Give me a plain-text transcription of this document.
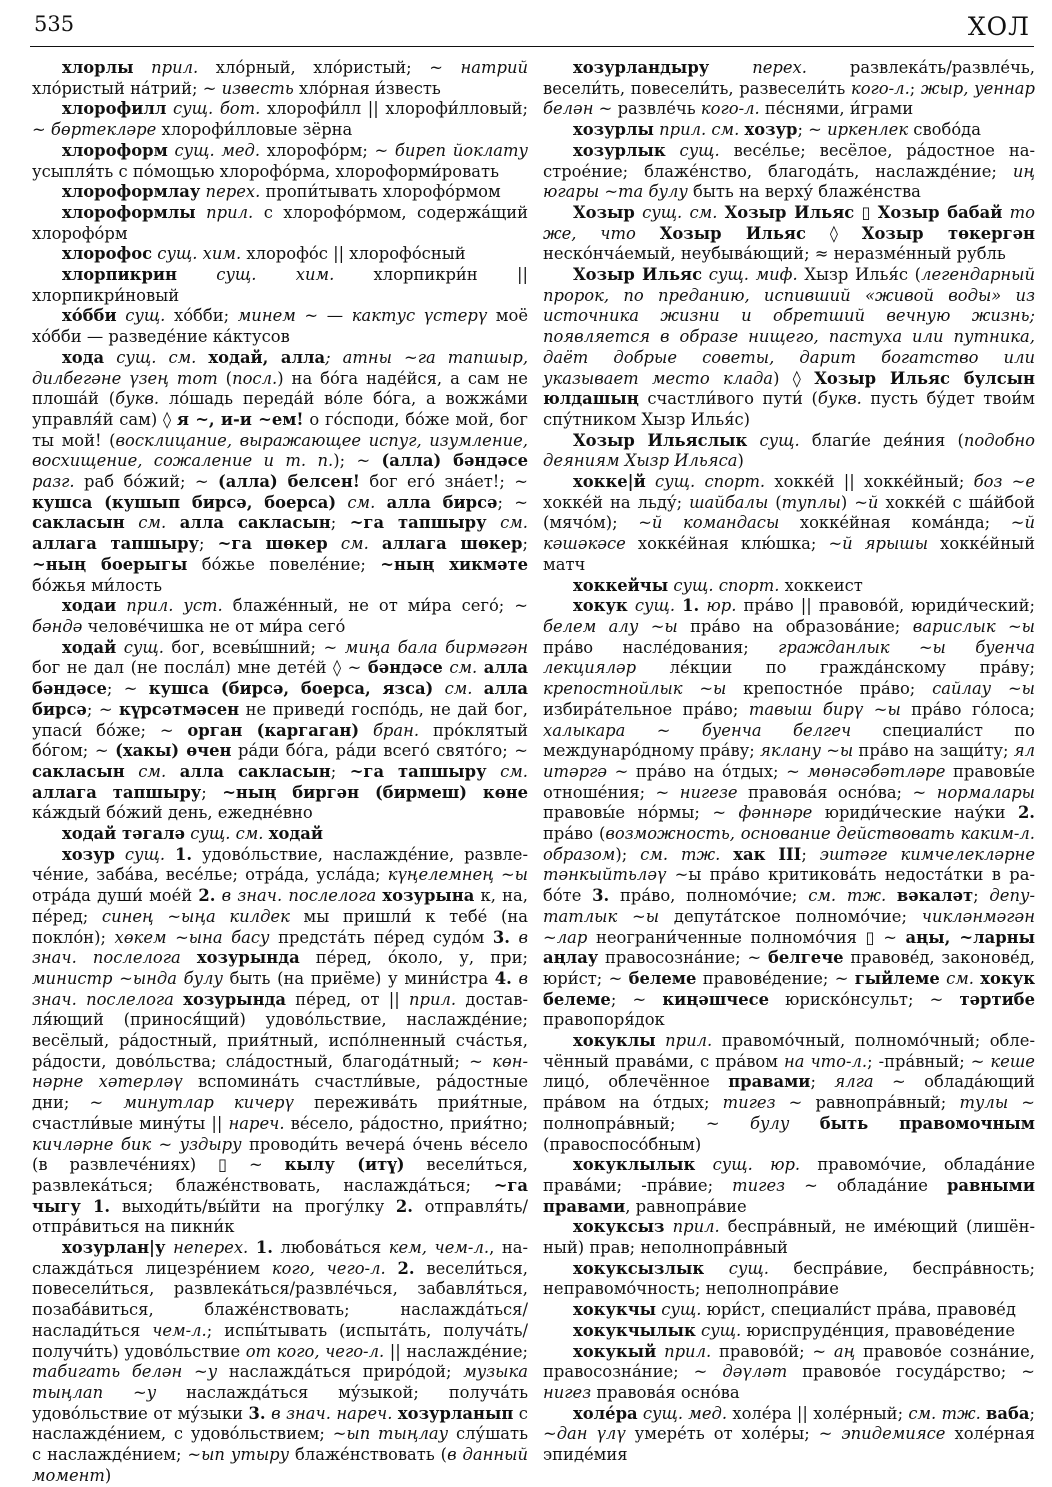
535	ХОЛ

хлорлы прил. хло́рный, хло́ристый; ~ натрий хло́ристый на́трий; ~ известь хло́рная и́звесть

хлорофилл сущ. бот. хлорофи́лл || хлорофи́лловый; ~ бөртекләре хлорофи́лловые зёрна

хлороформ сущ. мед. хлорофо́рм; ~ биреп йоклату усыпля́ть с по́мощью хлорофо́рма, хлороформи́ровать

хлороформлау перех. пропи́тывать хлорофо́рмом

хлороформлы прил. с хлорофо́рмом, содержа́щий хлорофо́рм

хлорофос сущ. хим. хлорофо́с || хлорофо́сный

хлорпикрин сущ. хим. хлорпикри́н || хлорпикри́новый

хо́бби сущ. хо́бби; минем ~ — кактус үстерү моё хо́бби — разведе́ние ка́ктусов

хода сущ. см. ходай, алла; атны ~га тапшыр, дилбегәне үзең тот (посл.) на бо́га наде́йся, а сам не плоша́й (букв. ло́шадь переда́й во́ле бо́га, а вожжа́ми управля́й сам) ◊ я ~, и-и ~ем! о го́споди, бо́же мой, бог ты мой! (восклицание, выражающее испуг, изумление, восхищение, сожаление и т. п.); ~ (алла) бәндәсе разг. раб бо́жий; ~ (алла) белсен! бог его́ зна́ет!; ~ кушса (кушып бирсә, боерса) см. алла бирсә; ~ сакласын см. алла сакласын; ~га тапшыру см. аллага тапшыру; ~га шөкер см. аллага шөкер; ~ның боерыгы бо́жье повеле́ние; ~ның хикмәте бо́жья ми́лость

ходаи прил. уст. блаже́нный, не от ми́ра сего́; ~ бәндә челове́чишка не от ми́ра сего́

ходай сущ. бог, всевы́шний; ~ миңа бала бирмәгән бог не дал (не посла́л) мне дете́й ◊ ~ бәндәсе см. алла бәндәсе; ~ кушса (бирсә, боерса, язса) см. алла бирсә; ~ күрсәтмәсен не приведи́ госпо́дь, не дай бог, упаси́ бо́же; ~ орган (каргаган) бран. про́клятый бо́гом; ~ (хакы) өчен ра́ди бо́га, ра́ди всего́ свято́го; ~ сакласын см. алла сакласын; ~га тапшыру см. аллага тапшыру; ~ның биргән (бирмеш) көне ка́ждый бо́жий день, ежедне́вно

ходай тәгалә сущ. см. ходай

хозур сущ. 1. удово́льствие, наслажде́ние, развлече́ние, заба́ва, весе́лье; отра́да, усла́да; күңелемнең ~ы отра́да души́ мое́й 2. в знач. послелога хозурына к, на, пе́ред; синең ~ыңа килдек мы пришли́ к тебе́ (на покло́н); хөкем ~ына басу предста́ть пе́ред судо́м 3. в знач. послелога хозурында пе́ред, о́коло, у, при; министр ~ында булу быть (на приёме) у мини́стра 4. в знач. послелога хозурында пе́ред, от || прил. доставля́ющий (принося́щий) удово́льствие, наслажде́ние; весёлый, ра́достный, прия́тный, испо́лненный сча́стья, ра́дости, дово́льства; сла́достный, благода́тный; ~ көннәрне хәтерләү вспомина́ть счастли́вые, ра́достные дни; ~ минутлар кичерү пережива́ть прия́тные, счастли́вые мину́ты || нареч. ве́село, ра́достно, прия́тно; кичләрне бик ~ уздыру проводи́ть вечера́ о́чень ве́село (в развлече́ниях) ▯ ~ кылу (итү) весели́ться, развлека́ться; блаже́нствовать, наслажда́ться; ~га чыгу 1. выходи́ть/вы́йти на прогу́лку 2. отправля́ть/отпра́виться на пикни́к

хозурлан|у неперех. 1. любова́ться кем, чем-л., наслажда́ться лицезре́нием кого, чего-л. 2. весели́ться, повесели́ться, развлека́ться/развле́чься, забавля́ться, позаба́виться, блаже́нствовать; наслажда́ться/наслади́ться чем-л.; испы́тывать (испыта́ть, получа́ть/получи́ть) удово́льствие от кого, чего-л. || наслажде́ние; табигать белән ~у наслажда́ться приро́дой; музыка тыңлап ~у наслажда́ться му́зыкой; получа́ть удово́льствие от му́зыки 3. в знач. нареч. хозурланып с наслажде́нием, с удово́льствием; ~ып тыңлау слу́шать с наслажде́нием; ~ып утыру блаже́нствовать (в данный момент)

хозурландыру	перех. развлека́ть/развле́чь, весели́ть, повесели́ть, развесели́ть кого-л.; жыр, уеннар белән ~ развле́чь кого-л. пе́снями, и́грами

хозурлы прил. см. хозур; ~ иркенлек свобо́да

хозурлык сущ. весе́лье; весёлое, ра́достное настрое́ние; блаже́нство, благода́ть, наслажде́ние; иң югары ~та булу быть на верху́ блаже́нства

Хозыр сущ. см. Хозыр Ильяс ▯ Хозыр бабай то же, что Хозыр Ильяс ◊ Хозыр төкергән неско́нча́емый, неубыва́ющий; ≈ неразме́нный рубль

Хозыр Ильяс сущ. миф. Хызр Илья́с (легендарный пророк, по преданию, испивший «живой воды» из источника жизни и обретший вечную жизнь; появляется в образе нищего, пастуха или путника, даёт добрые советы, дарит богатство или указывает место клада) ◊ Хозыр Ильяс булсын юлдашың счастли́вого пути́ (букв. пусть бу́дет твои́м спу́тником Хызр Илья́с)

Хозыр Ильяслык сущ. благи́е дея́ния (подобно деяниям Хызр Ильяса)

хокке|й сущ. спорт. хокке́й || хокке́йный; боз ~е хокке́й на льду́; шайбалы (туплы) ~й хокке́й с ша́йбой (мячо́м); ~й командасы хокке́йная кома́нда; ~й кәшәкәсе хокке́йная клю́шка; ~й ярышы хокке́йный матч

хоккейчы сущ. спорт. хоккеист

хокук сущ. 1. юр. пра́во || правово́й, юриди́ческий; белем алу ~ы пра́во на образова́ние; варислык ~ы пра́во насле́дования; гражданлык ~ы буенча лекцияләр ле́кции по гражда́нскому пра́ву; крепостнойлык ~ы крепостно́е пра́во; сайлау ~ы избира́тельное пра́во; тавыш бирү ~ы пра́во го́лоса; халыкара ~ буенча белгеч специали́ст по междунаро́дному пра́ву; яклану ~ы пра́во на защи́ту; ял итәргә ~ пра́во на о́тдых; ~ мөнәсәбәтләре правовы́е отноше́ния; ~ нигезе правова́я осно́ва; ~ нормалары правовы́е но́рмы; ~ фәннәре юриди́ческие нау́ки 2. пра́во (возможность, основание действовать каким-л. образом); см. тж. хак III; эштәге кимчелекләрне тәнкыйтьләү ~ы пра́во критикова́ть недоста́тки в рабо́те 3. пра́во, полномо́чие; см. тж. вәкаләт; депутатлык ~ы депута́тское полномо́чие; чикләнмәгән ~лар неограни́ченные полномо́чия ▯ ~ аңы, ~ларны аңлау правосозна́ние; ~ белгече правове́д, законове́д, юри́ст; ~ белеме правове́дение; ~ гыйлеме см. хокук белеме; ~ киңәшчесе юриско́нсульт; ~ тәртибе правопоря́док

хокуклы прил. правомо́чный, полномо́чный; облечённый права́ми, с пра́вом на что-л.; -пра́вный; ~ кеше лицо́, облечённое правами; ялга ~ облада́ющий пра́вом на о́тдых; тигез ~ равнопра́вный; тулы ~ полнопра́вный; ~ булу быть правомочным (правоспосо́бным)

хокуклылык сущ. юр. правомо́чие, облада́ние права́ми; -пра́вие; тигез ~ облада́ние равными правами, равнопра́вие

хокуксыз прил. беспра́вный, не име́ющий (лишённый) прав; неполнопра́вный

хокуксызлык сущ. беспра́вие, беспра́вность; неправомо́чность; неполнопра́вие

хокукчы сущ. юри́ст, специали́ст пра́ва, правове́д

хокукчылык сущ. юриспруде́нция, правове́дение

хокукый прил. правово́й; ~ аң правово́е созна́ние, правосозна́ние; ~ дәүләт правово́е госуда́рство; ~ нигез правова́я осно́ва

холе́ра сущ. мед. холе́ра || холе́рный; см. тж. ваба; ~дан үлү умере́ть от холе́ры; ~ эпидемиясе холе́рная эпиде́мия
